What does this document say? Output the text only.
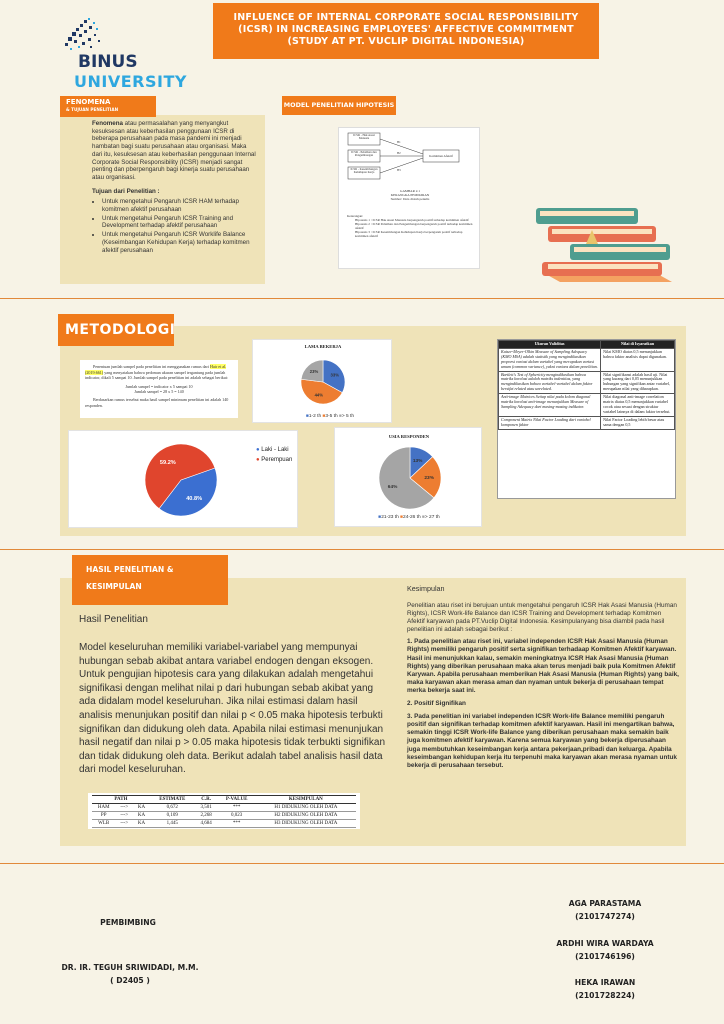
INFLUENCE OF INTERNAL CORPORATE SOCIAL RESPONSIBILITY
(ICSR) IN INCREASING EMPLOYEES' AFFECTIVE COMMITMENT
(STUDY AT PT. VUCLIP DIGITAL INDONESIA)
BINUS
UNIVERSITY
FENOMENA
& TUJUAN PENELITIAN

Fenomena atau permasalahan yang menyangkut kesuksesan atau keberhasilan penggunaan ICSR di beberapa perusahaan pada masa pandemi ini menjadi hambatan bagi suatu perusahaan atau organisasi. Maka dari itu, kesuksesan atau keberhasilan penggunaan Internal Corporate Social Responsibility (ICSR) menjadi sangat penting dan pberpengaruh bagi kinerja suatu perusahaan atau organisasi.

Tujuan dari Penelitian :

• Untuk mengetahui Pengaruh ICSR HAM terhadap komitmen afektif perusahaan
• Untuk mengetahui Pengaruh ICSR Training and Development terhadap afektif perusahaan
• Untuk mengetahui Pengaruh ICSR Worklife Balance (Keseimbangan Kehidupan Kerja) terhadap komitmen afektif perusahaan
MODEL PENELITIAN HIPOTESIS
ICSR - Hak Asasi Manusia
ICSR - Pelatihan dan Pengembangan
ICSR - Keseimbangan Kehidupan Kerja
Komitmen Afektif
H1
H2
H3
GAMBAR 2.1
KERANGKA PEMIKIRAN
Sumber: Data diolah penulis
Keterangan:
Hipotesis 1 : ICSR Hak Asasi Manusia berpengaruh positif terhadap komitmen afektif
Hipotesis 2 : ICSR Pelatihan dan Pengembangan berpengaruh positif terhadap komitmen afektif
Hipotesis 3 : ICSR Keseimbangan Kehidupan Kerja berpengaruh positif terhadap komitmen afektif
METODOLOGI

Penentuan jumlah sampel pada penelitian ini menggunakan rumus dari Hair et al. (2019:661) yang menyatakan bahwa pedoman ukuran sampel tergantung pada jumlah indicator, dikali 5 sampai 10. Jumlah sampel pada penelitian ini adalah sebagai berikut:

Jumlah sampel = indicator x 5 sampai 10

Jumlah sampel = 28 x 5 = 140

Berdasarkan rumus tersebut maka hasil sampel minimum penelitian ini adalah 140 responden.

LAMA BEKERJA
33%
44%
23%
■1-2 th ■3-5 th ■> 5 th
Ukuran Validitas	Nilai di Isyaratkan
Kaiser-Meyer-Olkin Measure of Sampling Adequacy (KMO MSA) adalah statistik yang mengindikasikan proporsi variasi dalam variabel yang merupakan variasi umum (common variance), yakni varians dalam penelitian.	Nilai KMO diatas 0,5 menunjukkan bahwa faktor analisis dapat digunakan.
Bartlett's Test of Sphericity mengindikasikan bahwa matriks korelasi adalah matriks indentitas, yang mengindikasikan bahwa variabel-variabel dalam faktor bersifat related atau unrelated.	Nilai signifikansi adalah hasil uji. Nilai yang kurang dari 0,05 menunjukkan hubungan yang signifikan antar variabel, merupakan nilai yang diharapkan.
Anti-image Matrices Setiap nilai pada kolom diagonal matriks korelasi anti-image menunjukkan Measure of Sampling Adequacy dari masing-masing indikator.	Nilai diagonal anti-image correlation matrix diatas 0,5 menunjukkan variabel cocok atau sesuai dengan struktur variabel lainnya di dalam faktor tersebut.
Component Matrix Nilai Factor Loading dari variabel komponen faktor	Nilai Factor Loading lebih besar atau sama dengan 0,5
40.8%
59.2%
● Laki - Laki
● Perempuan
USIA RESPONDEN
13%
23%
64%
■21-23 th ■24-26 th ■> 27 th
HASIL PENELITIAN &
KESIMPULAN
Hasil Penelitian
Model keseluruhan memiliki variabel-variabel yang mempunyai hubungan sebab akibat antara variabel endogen dengan eksogen. Untuk pengujian hipotesis cara yang dilakukan adalah mengetahui signifikasi dengan melihat nilai p dari hubungan sebab akibat yang ada didalam model keseluruhan. Jika nilai estimasi dalam hasil analisis menunjukan positif dan nilai p < 0.05 maka hipotesis terbukti signifikan dan didukung oleh data. Apabila nilai estimasi menunjukan hasil negatif dan nilai p > 0.05 maka hipotesis tidak terbukti signifikan dan tidak didukung oleh data. Berikut adalah tabel analisis hasil data dari model keseluruhan.
PATH			ESTIMATE	C.R.	P-VALUE	KESIMPULAN
HAM	--->	KA	0,672	3,501	***	H1 DIDUKUNG OLEH DATA
PP	--->	KA	0,109	2,268	0,023	H2 DIDUKUNG OLEH DATA
WLB	--->	KA	1,445	4,684	***	H3 DIDUKUNG OLEH DATA
Kesimpulan

Penelitian atau riset ini berujuan untuk mengetahui pengaruh ICSR Hak Asasi Manusia (Human Rights), ICSR Work-life Balance dan ICSR Training and Development terhadap Komitmen Afektif karyawan pada PT.Vuclip Digital Indonesia. Kesimpulanyang bisa diambil pada hasil penelitian ini adalah sebagai berikut :

1. Pada penelitian atau riset ini, variabel independen ICSR Hak Asasi Manusia (Human Rights) memiliki pengaruh positif serta signifikan terhadaap Komitmen Afektif karyawan. Hasil ini menunjukkan kalau, semakin meningkatnya ICSR Hak Asasi Manusia (Human Rights) yang diberikan perusahaan maka akan terus menjadi baik pula Komitmen Afektif Karywan. Apabila perusahaan memberikan Hak Asasi Manusia (Human Rights) yang baik, maka karyawan akan merasa aman dan nyaman untuk bekerja di perusahaan tempat merka bekerja saat ini.

2. Positif Signifikan

3. Pada penelitian ini variabel independen ICSR Work-life Balance memiliki pengaruh positif dan signifikan terhadap komitmen afektif karyawan. Hasil ini mengartikan bahwa, semakin tinggi ICSR Work-life Balance yang diberikan perusahaan maka semakin baik juga komitmen afektif karyawan. Karena semua karyawan yang bekerja diperusahaan juga membutuhkan keseimbangan kerja antara pekerjaan,pribadi dan keluarga. Apabila keseimbangan kehidupan kerja itu terpenuhi maka karyawan akan merasa nyaman untuk bekerja di perusahaan tersebut.

PEMBIMBING
DR. IR. TEGUH SRIWIDADI, M.M.
( D2405 )
AGA PARASTAMA
(2101747274)
ARDHI WIRA WARDAYA
(2101746196)
HEKA IRAWAN
(2101728224)
